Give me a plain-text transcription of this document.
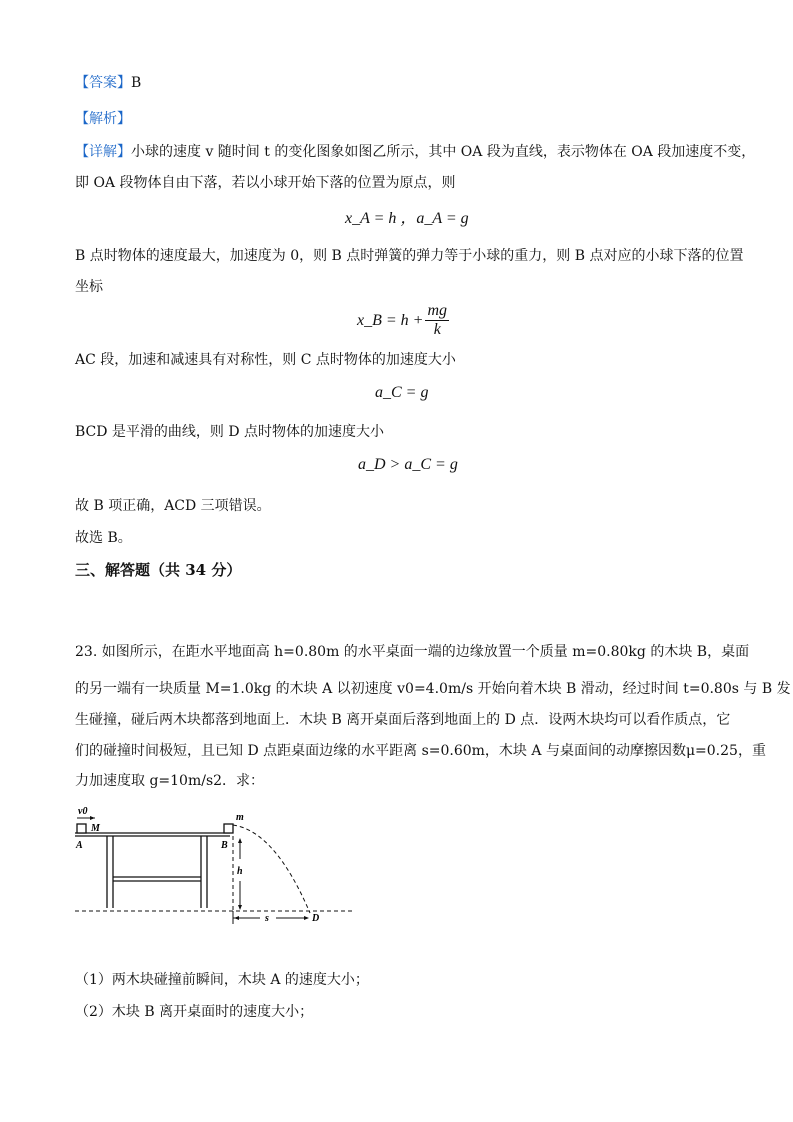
【答案】B
【解析】
【详解】小球的速度 v 随时间 t 的变化图象如图乙所示，其中 OA 段为直线，表示物体在 OA 段加速度不变，
即 OA 段物体自由下落，若以小球开始下落的位置为原点，则
x_A = h ，a_A = g
B 点时物体的速度最大，加速度为 0，则 B 点时弹簧的弹力等于小球的重力，则 B 点对应的小球下落的位置
坐标
x_B = $h + \frac{mg}{k}$
AC 段，加速和减速具有对称性，则 C 点时物体的加速度大小
a_C = g
BCD 是平滑的曲线，则 D 点时物体的加速度大小
a_D > a_C = g
故 B 项正确，ACD 三项错误。
故选 B。
三、解答题（共 34 分）
23. 如图所示，在距水平地面高 h=0.80m 的水平桌面一端的边缘放置一个质量 m=0.80kg 的木块 B，桌面
的另一端有一块质量 M=1.0kg 的木块 A 以初速度 v0=4.0m/s 开始向着木块 B 滑动，经过时间 t=0.80s 与 B 发
生碰撞，碰后两木块都落到地面上．木块 B 离开桌面后落到地面上的 D 点．设两木块均可以看作质点，它
们的碰撞时间极短，且已知 D 点距桌面边缘的水平距离 s=0.60m，木块 A 与桌面间的动摩擦因数μ=0.25，重
力加速度取 g=10m/s2．求：
v0
M
A
m
B
h
s	D
（1）两木块碰撞前瞬间，木块 A 的速度大小；
（2）木块 B 离开桌面时的速度大小；
